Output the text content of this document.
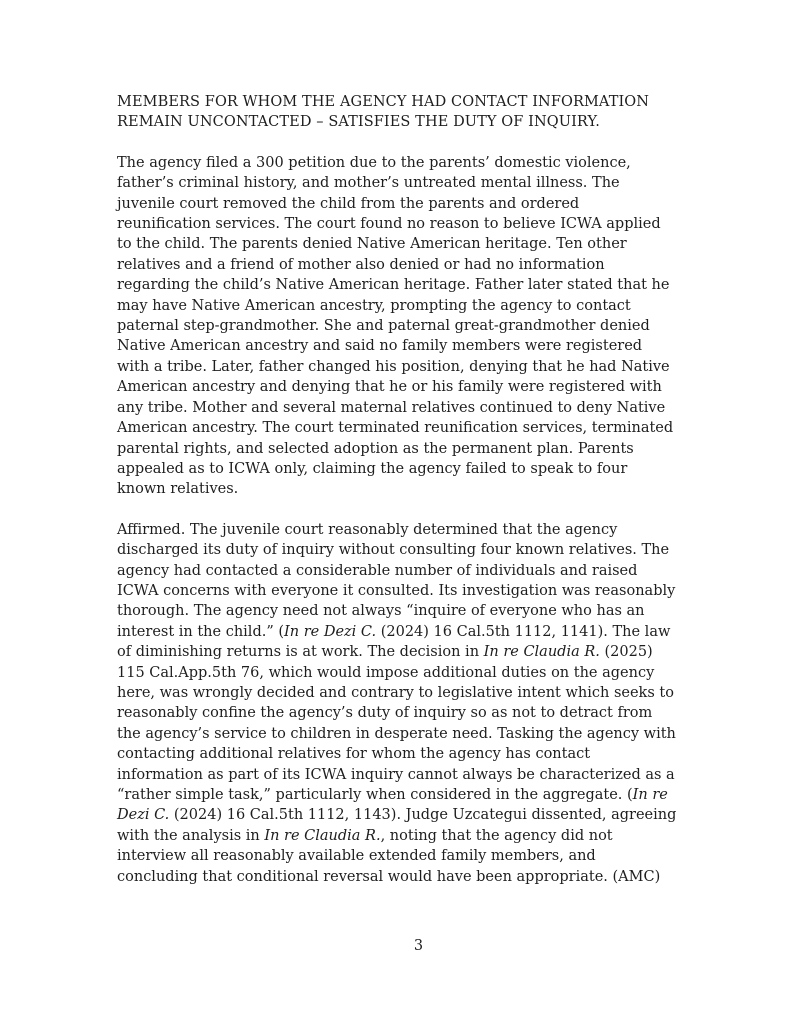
MEMBERS FOR WHOM THE AGENCY HAD CONTACT INFORMATION REMAIN UNCONTACTED – SATISFIES THE DUTY OF INQUIRY.

The agency filed a 300 petition due to the parents’ domestic violence, father’s criminal history, and mother’s untreated mental illness. The juvenile court removed the child from the parents and ordered reunification services. The court found no reason to believe ICWA applied to the child. The parents denied Native American heritage. Ten other relatives and a friend of mother also denied or had no information regarding the child’s Native American heritage. Father later stated that he may have Native American ancestry, prompting the agency to contact paternal step-grandmother. She and paternal great-grandmother denied Native American ancestry and said no family members were registered with a tribe. Later, father changed his position, denying that he had Native American ancestry and denying that he or his family were registered with any tribe. Mother and several maternal relatives continued to deny Native American ancestry. The court terminated reunification services, terminated parental rights, and selected adoption as the permanent plan. Parents appealed as to ICWA only, claiming the agency failed to speak to four known relatives.

Affirmed. The juvenile court reasonably determined that the agency discharged its duty of inquiry without consulting four known relatives. The agency had contacted a considerable number of individuals and raised ICWA concerns with everyone it consulted. Its investigation was reasonably thorough. The agency need not always “inquire of everyone who has an interest in the child.” (In re Dezi C. (2024) 16 Cal.5th 1112, 1141). The law of diminishing returns is at work. The decision in In re Claudia R. (2025) 115 Cal.App.5th 76, which would impose additional duties on the agency here, was wrongly decided and contrary to legislative intent which seeks to reasonably confine the agency’s duty of inquiry so as not to detract from the agency’s service to children in desperate need. Tasking the agency with contacting additional relatives for whom the agency has contact information as part of its ICWA inquiry cannot always be characterized as a “rather simple task,” particularly when considered in the aggregate. (In re Dezi C. (2024) 16 Cal.5th 1112, 1143). Judge Uzcategui dissented, agreeing with the analysis in In re Claudia R., noting that the agency did not interview all reasonably available extended family members, and concluding that conditional reversal would have been appropriate. (AMC)

3
